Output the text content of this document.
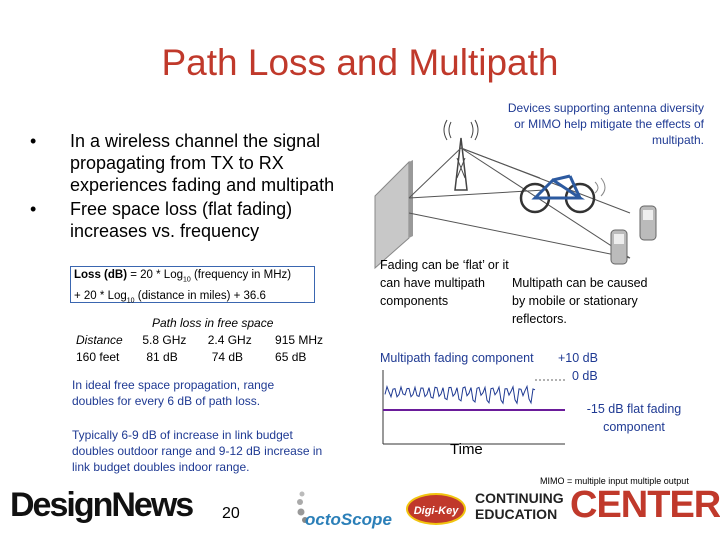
Path Loss and Multipath
•	In a wireless channel the signal propagating from TX to RX experiences fading and multipath
•	Free space loss (flat fading) increases vs. frequency
Loss (dB) = 20 * Log$_{10}$ (frequency in MHz)
+ 20 * Log$_{10}$ (distance in miles) + 36.6
Path loss in free space
Distance 5.8 GHz 2.4 GHz 915 MHz
160 feet 81 dB	74 dB	65 dB
In ideal free space propagation, range doubles for every 6 dB of path loss.
Typically 6-9 dB of increase in link budget doubles outdoor range and 9-12 dB increase in link budget doubles indoor range.
Devices supporting antenna diversity or MIMO help mitigate the effects of multipath.
Fading can be ‘flat’ or it can have multipath components
Multipath can be caused by mobile or stationary reflectors.
Multipath fading component +10 dB
0 dB
-15 dB flat fading component
Time
MIMO = multiple input multiple output
DesignNews 20	octoScope	Digi-Key
CONTINUING
EDUCATION CENTER
